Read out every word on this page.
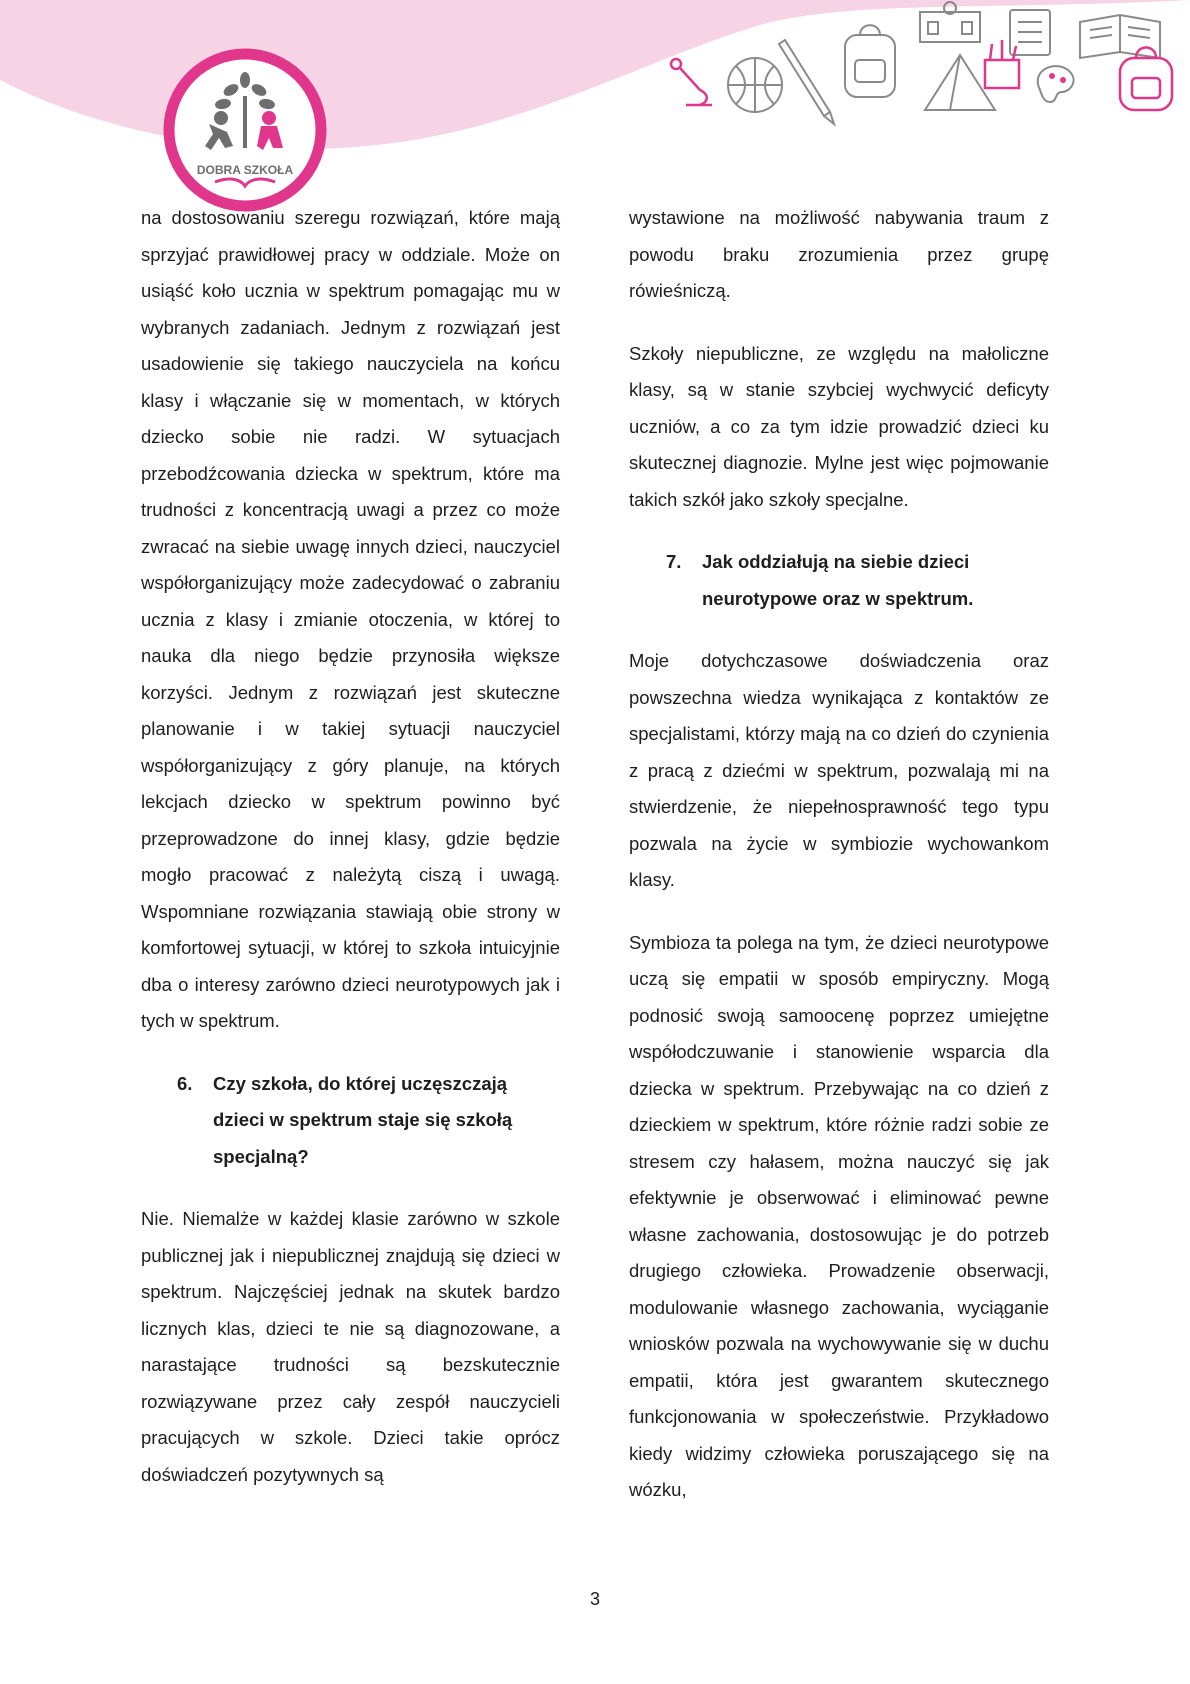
DOBRA SZKOŁA

na dostosowaniu szeregu rozwiązań, które mają sprzyjać prawidłowej pracy w oddziale. Może on usiąść koło ucznia w spektrum pomagając mu w wybranych zadaniach. Jednym z rozwiązań jest usadowienie się takiego nauczyciela na końcu klasy i włączanie się w momentach, w których dziecko sobie nie radzi. W sytuacjach przebodźcowania dziecka w spektrum, które ma trudności z koncentracją uwagi a przez co może zwracać na siebie uwagę innych dzieci, nauczyciel współorganizujący może zadecydować o zabraniu ucznia z klasy i zmianie otoczenia, w której to nauka dla niego będzie przynosiła większe korzyści. Jednym z rozwiązań jest skuteczne planowanie i w takiej sytuacji nauczyciel współorganizujący z góry planuje, na których lekcjach dziecko w spektrum powinno być przeprowadzone do innej klasy, gdzie będzie mogło pracować z należytą ciszą i uwagą. Wspomniane rozwiązania stawiają obie strony w komfortowej sytuacji, w której to szkoła intuicyjnie dba o interesy zarówno dzieci neurotypowych jak i tych w spektrum.

6.	Czy szkoła, do której uczęszczają dzieci w spektrum staje się szkołą specjalną?

Nie. Niemalże w każdej klasie zarówno w szkole publicznej jak i niepublicznej znajdują się dzieci w spektrum. Najczęściej jednak na skutek bardzo licznych klas, dzieci te nie są diagnozowane, a narastające trudności są bezskutecznie rozwiązywane przez cały zespół nauczycieli pracujących w szkole. Dzieci takie oprócz doświadczeń pozytywnych są

wystawione na możliwość nabywania traum z powodu braku zrozumienia przez grupę rówieśniczą.

Szkoły niepubliczne, ze względu na małoliczne klasy, są w stanie szybciej wychwycić deficyty uczniów, a co za tym idzie prowadzić dzieci ku skutecznej diagnozie. Mylne jest więc pojmowanie takich szkół jako szkoły specjalne.

7.	Jak oddziałują na siebie dzieci neurotypowe oraz w spektrum.

Moje dotychczasowe doświadczenia oraz powszechna wiedza wynikająca z kontaktów ze specjalistami, którzy mają na co dzień do czynienia z pracą z dziećmi w spektrum, pozwalają mi na stwierdzenie, że niepełnosprawność tego typu pozwala na życie w symbiozie wychowankom klasy.

Symbioza ta polega na tym, że dzieci neurotypowe uczą się empatii w sposób empiryczny. Mogą podnosić swoją samoocenę poprzez umiejętne współodczuwanie i stanowienie wsparcia dla dziecka w spektrum. Przebywając na co dzień z dzieckiem w spektrum, które różnie radzi sobie ze stresem czy hałasem, można nauczyć się jak efektywnie je obserwować i eliminować pewne własne zachowania, dostosowując je do potrzeb drugiego człowieka. Prowadzenie obserwacji, modulowanie własnego zachowania, wyciąganie wniosków pozwala na wychowywanie się w duchu empatii, która jest gwarantem skutecznego funkcjonowania w społeczeństwie. Przykładowo kiedy widzimy człowieka poruszającego się na wózku,

3
